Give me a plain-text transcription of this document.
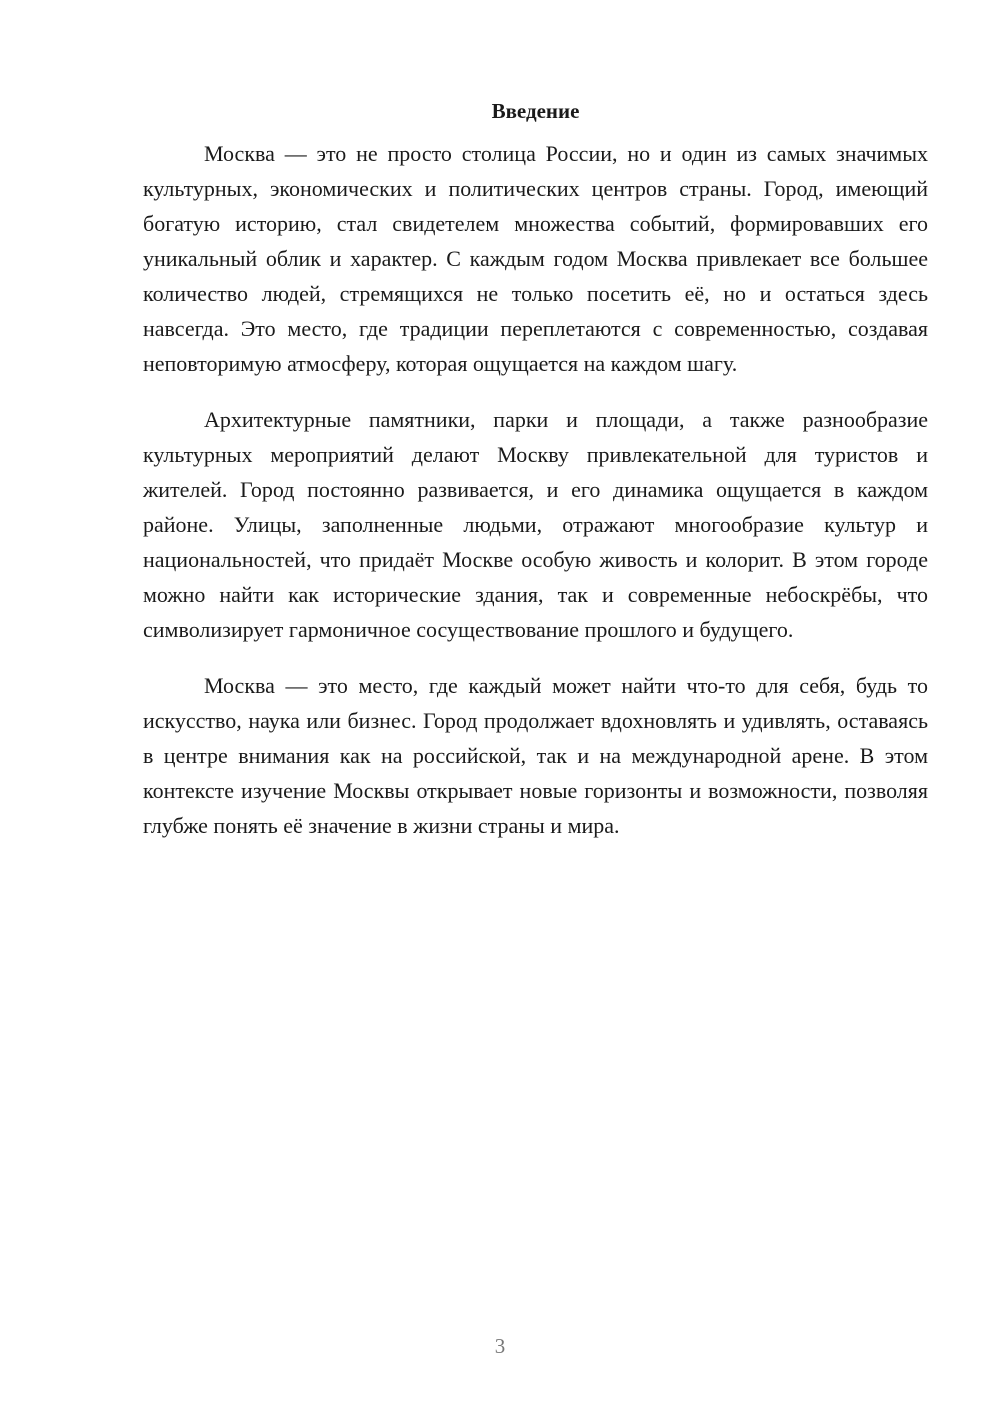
Введение

Москва — это не просто столица России, но и один из самых значимых культурных, экономических и политических центров страны. Город, имеющий богатую историю, стал свидетелем множества событий, формировавших его уникальный облик и характер. С каждым годом Москва привлекает все большее количество людей, стремящихся не только посетить её, но и остаться здесь навсегда. Это место, где традиции переплетаются с современностью, создавая неповторимую атмосферу, которая ощущается на каждом шагу.

Архитектурные памятники, парки и площади, а также разнообразие культурных мероприятий делают Москву привлекательной для туристов и жителей. Город постоянно развивается, и его динамика ощущается в каждом районе. Улицы, заполненные людьми, отражают многообразие культур и национальностей, что придаёт Москве особую живость и колорит. В этом городе можно найти как исторические здания, так и современные небоскрёбы, что символизирует гармоничное сосуществование прошлого и будущего.

Москва — это место, где каждый может найти что-то для себя, будь то искусство, наука или бизнес. Город продолжает вдохновлять и удивлять, оставаясь в центре внимания как на российской, так и на международной арене. В этом контексте изучение Москвы открывает новые горизонты и возможности, позволяя глубже понять её значение в жизни страны и мира.

3
